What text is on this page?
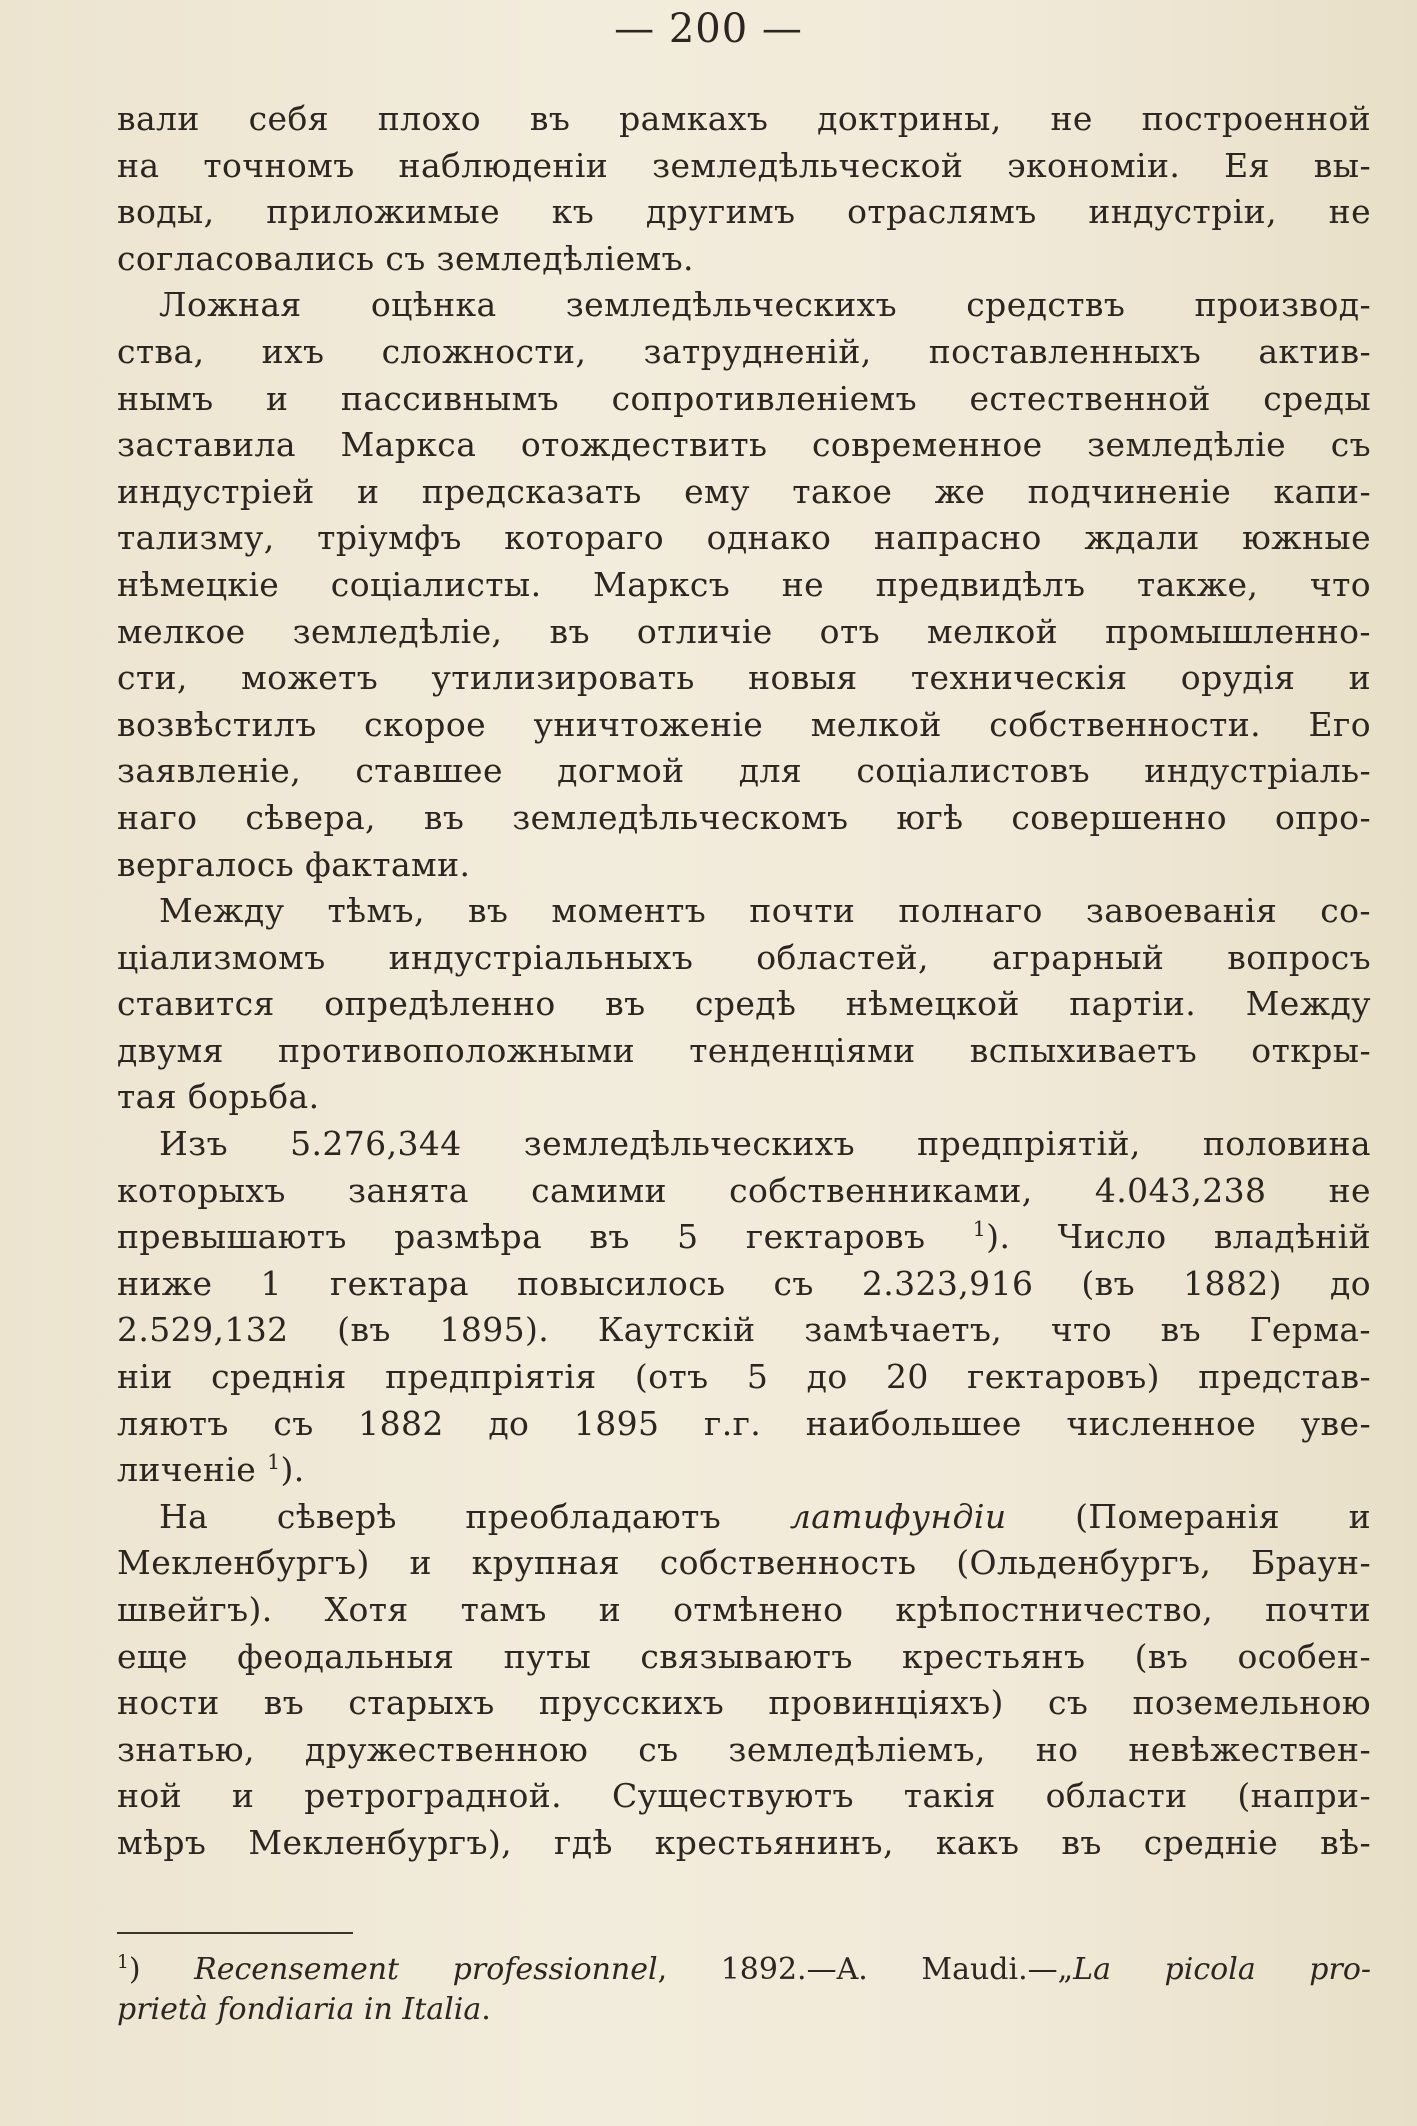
— 200 —
вали себя плохо въ рамкахъ доктрины, не построенной
на точномъ наблюденіи земледѣльческой экономіи. Ея вы-
воды, приложимые къ другимъ отраслямъ индустріи, не
согласовались съ земледѣліемъ.
Ложная оцѣнка земледѣльческихъ средствъ производ-
ства, ихъ сложности, затрудненій, поставленныхъ актив-
нымъ и пассивнымъ сопротивленіемъ естественной среды
заставила Маркса отождествить современное земледѣліе съ
индустріей и предсказать ему такое же подчиненіе капи-
тализму, тріумфъ котораго однако напрасно ждали южные
нѣмецкіе соціалисты. Марксъ не предвидѣлъ также, что
мелкое земледѣліе, въ отличіе отъ мелкой промышленно-
сти, можетъ утилизировать новыя техническія орудія и
возвѣстилъ скорое уничтоженіе мелкой собственности. Его
заявленіе, ставшее догмой для соціалистовъ индустріаль-
наго сѣвера, въ земледѣльческомъ югѣ совершенно опро-
вергалось фактами.
Между тѣмъ, въ моментъ почти полнаго завоеванія со-
ціализмомъ индустріальныхъ областей, аграрный вопросъ
ставится опредѣленно въ средѣ нѣмецкой партіи. Между
двумя противоположными тенденціями вспыхиваетъ откры-
тая борьба.
Изъ 5.276,344 земледѣльческихъ предпріятій, половина
которыхъ занята самими собственниками, 4.043,238 не
превышаютъ размѣра въ 5 гектаровъ $^1$). Число владѣній
ниже 1 гектара повысилось съ 2.323,916 (въ 1882) до
2.529,132 (въ 1895). Каутскій замѣчаетъ, что въ Герма-
ніи среднія предпріятія (отъ 5 до 20 гектаровъ) представ-
ляютъ съ 1882 до 1895 г.г. наибольшее численное уве-
личеніе $^1$).
На сѣверѣ преобладаютъ латифундіи (Померанія и
Мекленбургъ) и крупная собственность (Ольденбургъ, Браун-
швейгъ). Хотя тамъ и отмѣнено крѣпостничество, почти
еще феодальныя путы связываютъ крестьянъ (въ особен-
ности въ старыхъ прусскихъ провинціяхъ) съ поземельною
знатью, дружественною съ земледѣліемъ, но невѣжествен-
ной и ретроградной. Существуютъ такія области (напри-
мѣръ Мекленбургъ), гдѣ крестьянинъ, какъ въ средніе вѣ-
$^1$) Recensement professionnel, 1892.—A. Maudi.—„La picola pro-
prietà fondiaria in Italia.
